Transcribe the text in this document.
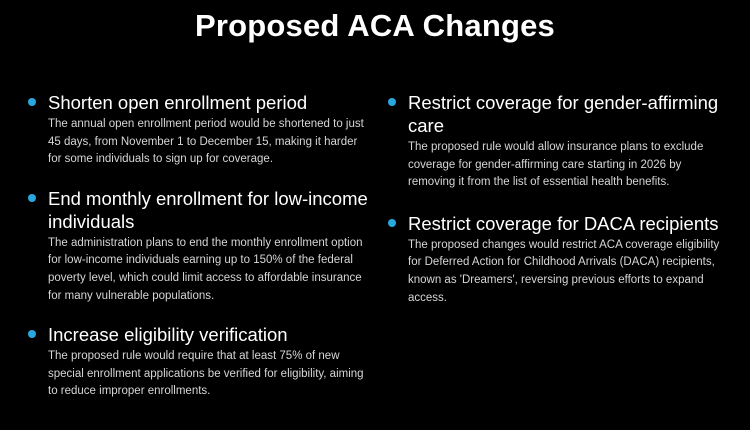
Proposed ACA Changes
Shorten open enrollment period
The annual open enrollment period would be shortened to just 45 days, from November 1 to December 15, making it harder for some individuals to sign up for coverage.
End monthly enrollment for low-income individuals
The administration plans to end the monthly enrollment option for low-income individuals earning up to 150% of the federal poverty level, which could limit access to affordable insurance for many vulnerable populations.
Increase eligibility verification
The proposed rule would require that at least 75% of new special enrollment applications be verified for eligibility, aiming to reduce improper enrollments.
Restrict coverage for gender-affirming care
The proposed rule would allow insurance plans to exclude coverage for gender-affirming care starting in 2026 by removing it from the list of essential health benefits.
Restrict coverage for DACA recipients
The proposed changes would restrict ACA coverage eligibility for Deferred Action for Childhood Arrivals (DACA) recipients, known as 'Dreamers', reversing previous efforts to expand access.
